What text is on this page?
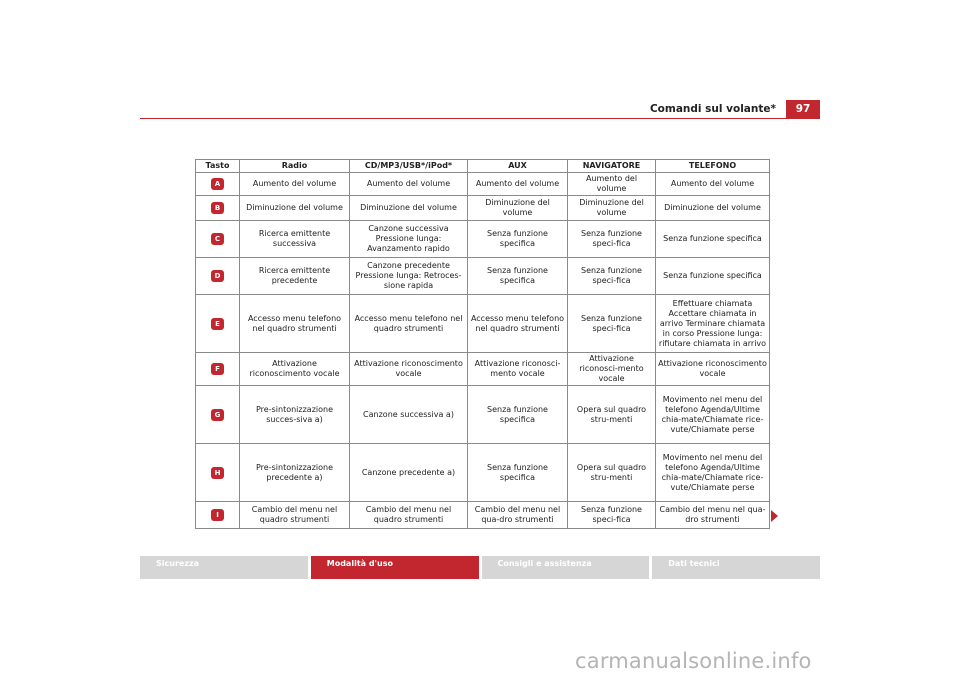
Comandi sul volante*	97
Tasto	Radio	CD/MP3/USB*/iPod*	AUX	NAVIGATORE	TELEFONO
A	Aumento del volume	Aumento del volume	Aumento del volume	Aumento del volume	Aumento del volume
B	Diminuzione del volume	Diminuzione del volume	Diminuzione del volume	Diminuzione del volume	Diminuzione del volume
C	Ricerca emittente successiva	Canzone successiva Pressione lunga: Avanzamento rapido	Senza funzione specifica	Senza funzione speci-fica	Senza funzione specifica
D	Ricerca emittente precedente	Canzone precedente Pressione lunga: Retroces-sione rapida	Senza funzione specifica	Senza funzione speci-fica	Senza funzione specifica
E	Accesso menu telefono nel quadro strumenti	Accesso menu telefono nel quadro strumenti	Accesso menu telefono nel quadro strumenti	Senza funzione speci-fica	Effettuare chiamata Accettare chiamata in arrivo Terminare chiamata in corso Pressione lunga: rifiutare chiamata in arrivo
F	Attivazione riconoscimento vocale	Attivazione riconoscimento vocale	Attivazione riconosci-mento vocale	Attivazione riconosci-mento vocale	Attivazione riconoscimento vocale
G	Pre-sintonizzazione succes-siva a)	Canzone successiva a)	Senza funzione specifica	Opera sul quadro stru-menti	Movimento nel menu del telefono Agenda/Ultime chia-mate/Chiamate rice-vute/Chiamate perse
H	Pre-sintonizzazione precedente a)	Canzone precedente a)	Senza funzione specifica	Opera sul quadro stru-menti	Movimento nel menu del telefono Agenda/Ultime chia-mate/Chiamate rice-vute/Chiamate perse
I	Cambio del menu nel quadro strumenti	Cambio del menu nel quadro strumenti	Cambio del menu nel qua-dro strumenti	Senza funzione speci-fica	Cambio del menu nel qua-dro strumenti
Sicurezza	Modalità d'uso	Consigli e assistenza	Dati tecnici
carmanualsonline.info
